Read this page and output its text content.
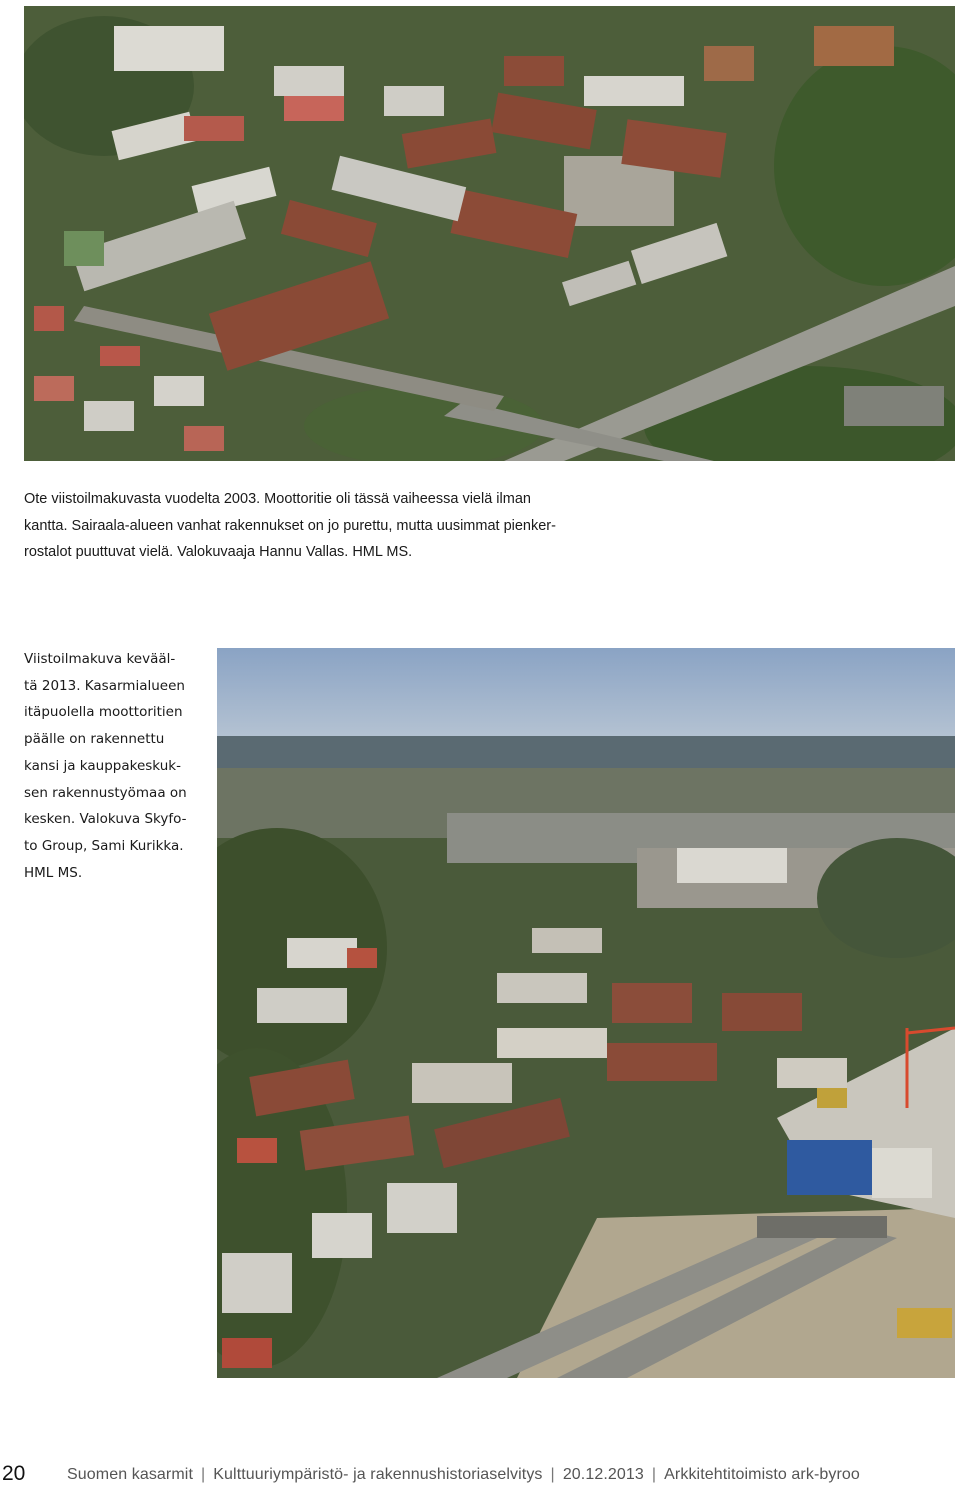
Ote viistoilmakuvasta vuodelta 2003. Moottoritie oli tässä vaiheessa vielä ilman
kantta. Sairaala-alueen vanhat rakennukset on jo purettu, mutta uusimmat pienker-
rostalot puuttuvat vielä. Valokuvaaja Hannu Vallas. HML MS.
Viistoilmakuva kevääl-
tä 2013. Kasarmialueen
itäpuolella moottoritien
päälle on rakennettu
kansi ja kauppakeskuk-
sen rakennustyömaa on
kesken. Valokuva Skyfo-
to Group, Sami Kurikka.
HML MS.
20	Suomen kasarmit | Kulttuuriympäristö- ja rakennushistoriaselvitys | 20.12.2013 | Arkkitehtitoimisto ark-byroo
